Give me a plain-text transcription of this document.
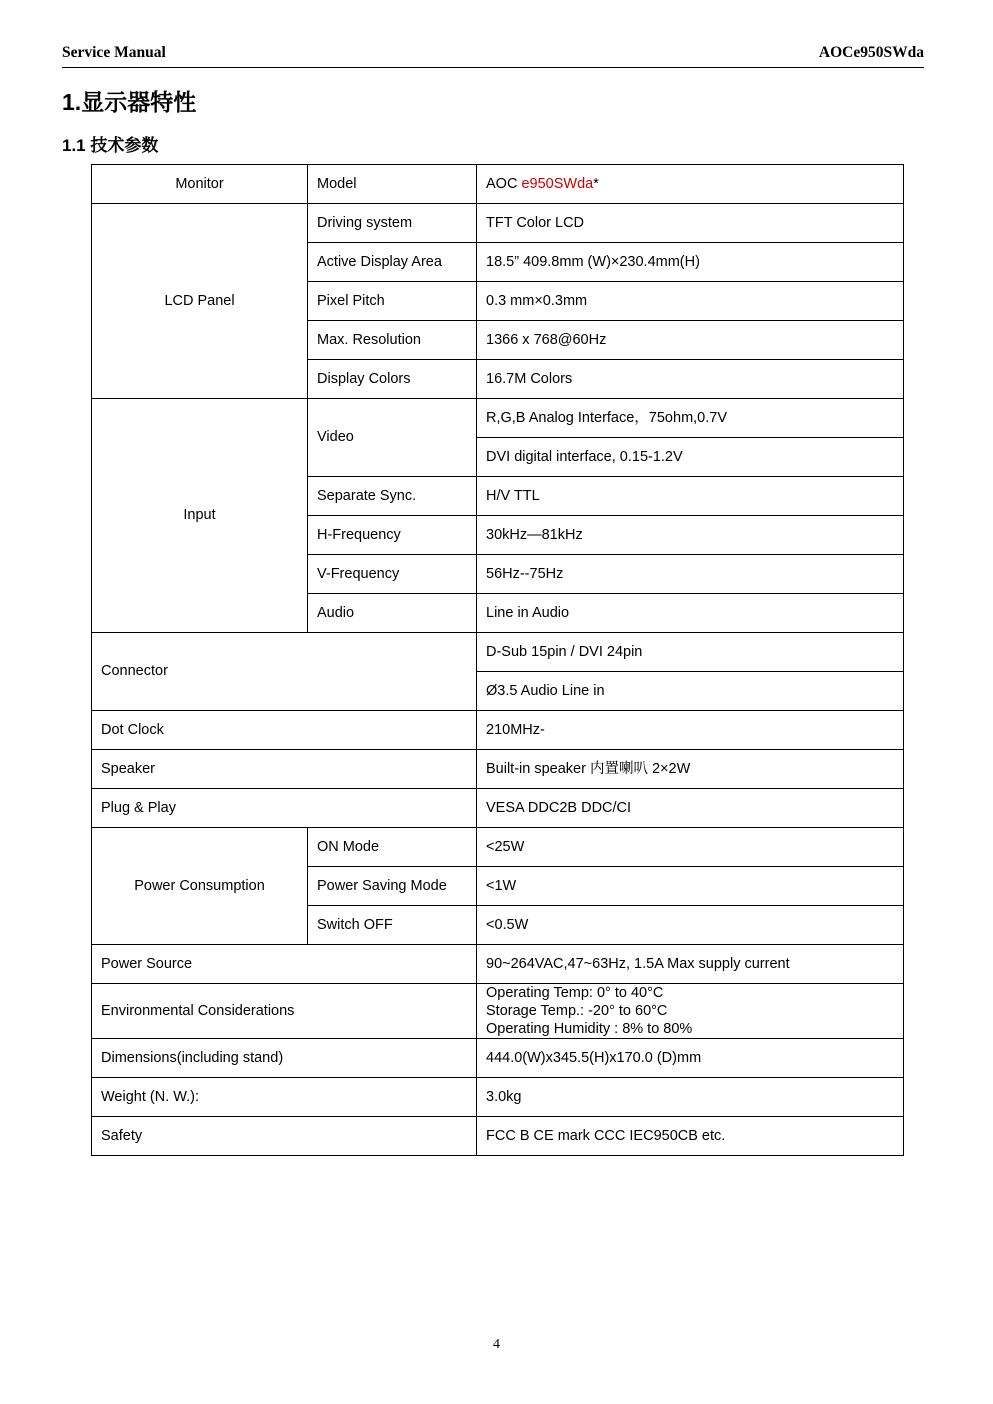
Service Manual	AOCe950SWda
1.显示器特性
1.1 技术参数
Monitor	Model	AOC e950SWda*
LCD Panel	Driving system	TFT Color LCD
	Active Display Area	18.5” 409.8mm (W)×230.4mm(H)
	Pixel Pitch	0.3 mm×0.3mm
	Max. Resolution	1366 x 768@60Hz
	Display Colors	16.7M Colors
Input	Video	R,G,B Analog Interface，75ohm,0.7V
		DVI digital interface, 0.15-1.2V
	Separate Sync.	H/V TTL
	H-Frequency	30kHz—81kHz
	V-Frequency	56Hz--75Hz
	Audio	Line in Audio
Connector		D-Sub 15pin / DVI 24pin
		Ø3.5 Audio Line in
Dot Clock		210MHz-
Speaker		Built-in speaker 内置喇叭 2×2W
Plug & Play		VESA DDC2B DDC/CI
Power Consumption	ON Mode	<25W
	Power Saving Mode	<1W
	Switch OFF	<0.5W
Power Source		90~264VAC,47~63Hz, 1.5A Max supply current
Environmental Considerations		Operating Temp: 0° to 40°C
Storage Temp.: -20° to 60°C
Operating Humidity : 8% to 80%

Dimensions(including stand)		444.0(W)x345.5(H)x170.0 (D)mm
Weight (N. W.):		3.0kg
Safety		FCC B CE mark CCC IEC950CB etc.
4
